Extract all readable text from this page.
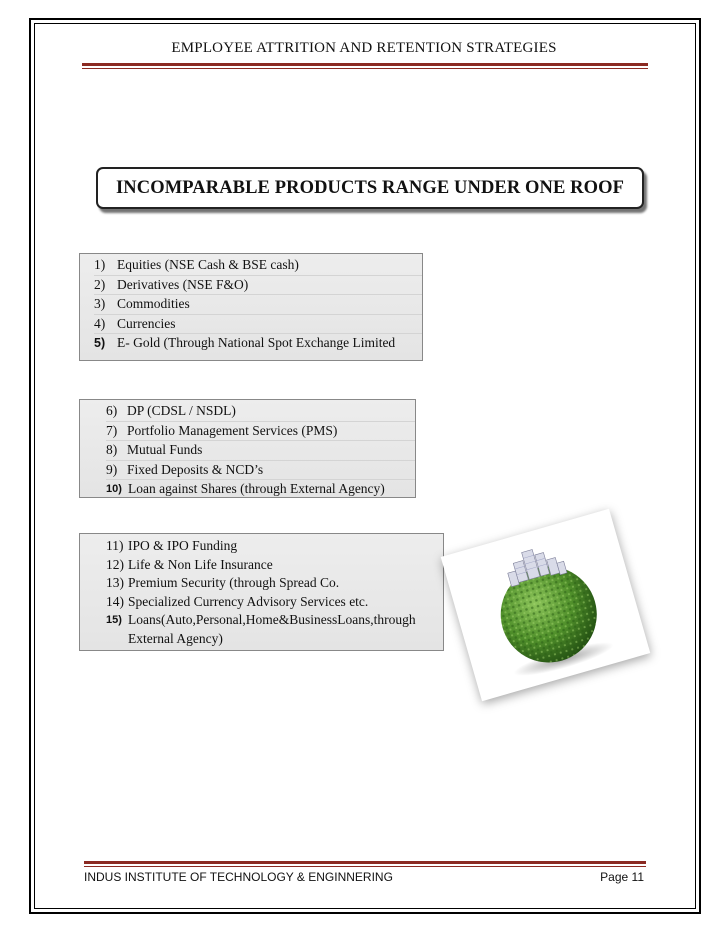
EMPLOYEE ATTRITION AND RETENTION STRATEGIES
INCOMPARABLE PRODUCTS RANGE UNDER ONE ROOF
1) Equities (NSE Cash & BSE cash)
2) Derivatives (NSE F&O)
3) Commodities
4) Currencies
5) E- Gold (Through National Spot Exchange Limited
6) DP (CDSL / NSDL)
7) Portfolio Management Services (PMS)
8) Mutual Funds
9) Fixed Deposits & NCD’s
10) Loan against Shares (through External Agency)
11) IPO & IPO Funding
12) Life & Non Life Insurance
13) Premium Security (through Spread Co.
14) Specialized Currency Advisory Services etc.
15) Loans(Auto,Personal,Home&BusinessLoans,through
External Agency)
INDUS INSTITUTE OF TECHNOLOGY & ENGINNERING	Page 11
